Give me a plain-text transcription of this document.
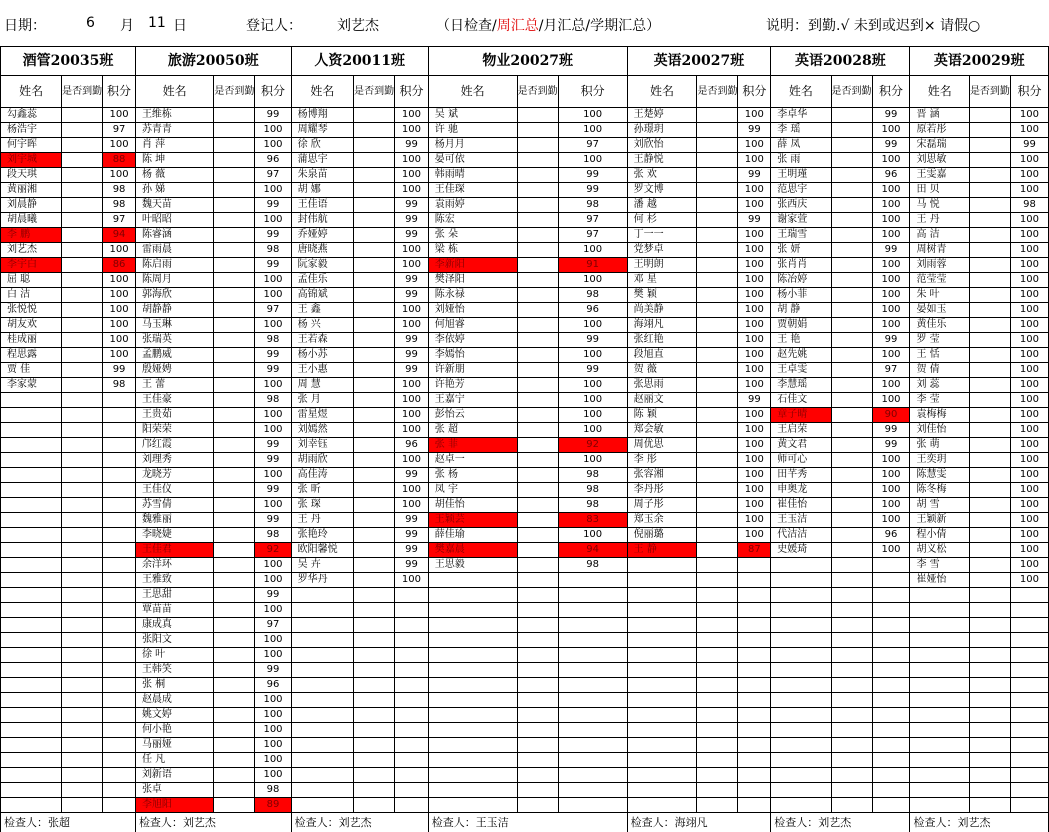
日期：	6 月 11 日	登记人：	刘艺杰	（日检查/周汇总/月汇总/学期汇总）	说明：到勤.√ 未到或迟到× 请假○
酒管20035班			旅游20050班			人资20011班			物业20027班			英语20027班			英语20028班			英语20029班		
姓名	是否到勤	积分	姓名	是否到勤	积分	姓名	是否到勤	积分	姓名	是否到勤	积分	姓名	是否到勤	积分	姓名	是否到勤	积分	姓名	是否到勤	积分
勾鑫蕊		100	王维栋		99	杨博翔		100	吴 斌		100	王楚婷		100	李卓华		99	晋 涵		100
杨浩宇		97	苏青青		100	周耀琴		100	许 驰		100	孙璟玥		99	李 瑶		100	原若彤		100
何宇晖		100	肖 萍		100	徐 欣		99	杨月月		97	刘欣怡		100	薛 凤		99	宋磊瑞		99
刘宇城		88	陈 坤		96	蒲思宇		100	晏可依		100	王静悦		100	张 雨		100	刘思敏		100
段天琪		100	杨 薇		97	朱泉苗		100	韩雨晴		99	张 欢		99	王明瑾		96	王雯嘉		100
黄丽湘		98	孙 娣		100	胡 娜		100	王佳琛		99	罗文博		100	范思宇		100	田 贝		100
刘晨静		98	魏天苗		99	王佳语		99	袁雨婷		98	潘 越		100	张西庆		100	马 悦		98
胡晨曦		97	叶昭昭		100	封伟航		99	陈宏		97	何 杉		99	谢家萱		100	王 丹		100
李 鹏		94	陈睿涵		99	乔娅婷		99	张 朵		97	丁一一		100	王瑞雪		100	高 洁		100
刘艺杰		100	雷雨晨		98	唐晓燕		100	梁 栋		100	党梦卓		100	张 妍		99	周树青		100
李宇白		86	陈启雨		99	阮家毅		100	李新阳		91	王明朗		100	张肖肖		100	刘雨蓉		100
屈 聪		100	陈周月		100	孟佳乐		99	樊泽阳		100	邓 星		100	陈冶婷		100	范莹莹		100
白 洁		100	郭海欣		100	高锦斌		99	陈永禄		98	樊 颖		100	杨小菲		100	朱 叶		100
张悦悦		100	胡静静		97	王 鑫		100	刘娅怡		96	尚美静		100	胡 静		100	晏如玉		100
胡友欢		100	马玉琳		100	杨 兴		100	何旭睿		100	海翊凡		100	贾朝娟		100	黄佳乐		100
桂成丽		100	张瑞英		98	王若森		99	李依婷		99	张红艳		100	王 艳		99	罗 莹		100
程思露		100	孟鹏威		99	杨小苏		99	李嫣怡		100	段旭直		100	赵先姚		100	王 恬		100
贾 佳		99	殷娅娉		99	王小惠		99	许新朋		99	贺 薇		100	王卓雯		97	贺 倩		100
李家蒙		98	王 蕾		100	周 慧		100	许艳芳		100	张思雨		100	李慧瑶		100	刘 蕊		100
			王佳豪		98	张 月		100	王嘉宁		100	赵丽文		99	石佳文		100	李 莹		100
			王贵茹		100	雷星煜		100	彭怡云		100	陈 颖		100	章子晴		90	袁梅梅		100
			阳荣荣		100	刘嫣然		100	张 超		100	郑会敏		100	王启荣		99	刘佳怡		100
			邝红霞		99	刘幸钰		96	张 菲		92	周优思		100	黄文君		99	张 萌		100
			刘理秀		99	胡雨欣		100	赵卓一		100	李 彤		100	师可心		100	王奕玥		100
			龙晓芳		100	高佳涛		99	张 杨		98	张容湘		100	田芊秀		100	陈慧雯		100
			王佳仪		99	张 昕		100	凤 宇		98	李丹彤		100	申奥龙		100	陈冬梅		100
			苏雪倩		100	张 琛		100	胡佳怡		98	周子彤		100	崔佳怡		100	胡 雪		100
			魏雅丽		99	王 丹		99	王颖芸		83	郑玉余		100	王玉洁		100	王颖新		100
			李晓婕		98	张艳玲		99	薛佳瑜		100	倪丽璐		100	代洁洁		96	程小倩		100
			王佳君		92	欧阳馨悦		99	樊嘉晨		94	王 静		87	史媛琦		100	胡义松		100
			余洋环		100	吴 卉		99	王思毅		98							李 雪		100
			王雅致		100	罗华丹		100										崔娅怡		100
			王思甜		99															
			覃苗苗		100															
			康成真		97															
			张阳文		100															
			徐 叶		100															
			王韩笑		99															
			张 桐		96															
			赵晨成		100															
			姚文婷		100															
			何小艳		100															
			马丽娅		100															
			任 凡		100															
			刘新语		100															
			张卓		98															
			李旭阳		89															
检查人：张超			检查人：刘艺杰			检查人：刘艺杰			检查人：王玉洁			检查人：海翊凡			检查人：刘艺杰			检查人：刘艺杰		
